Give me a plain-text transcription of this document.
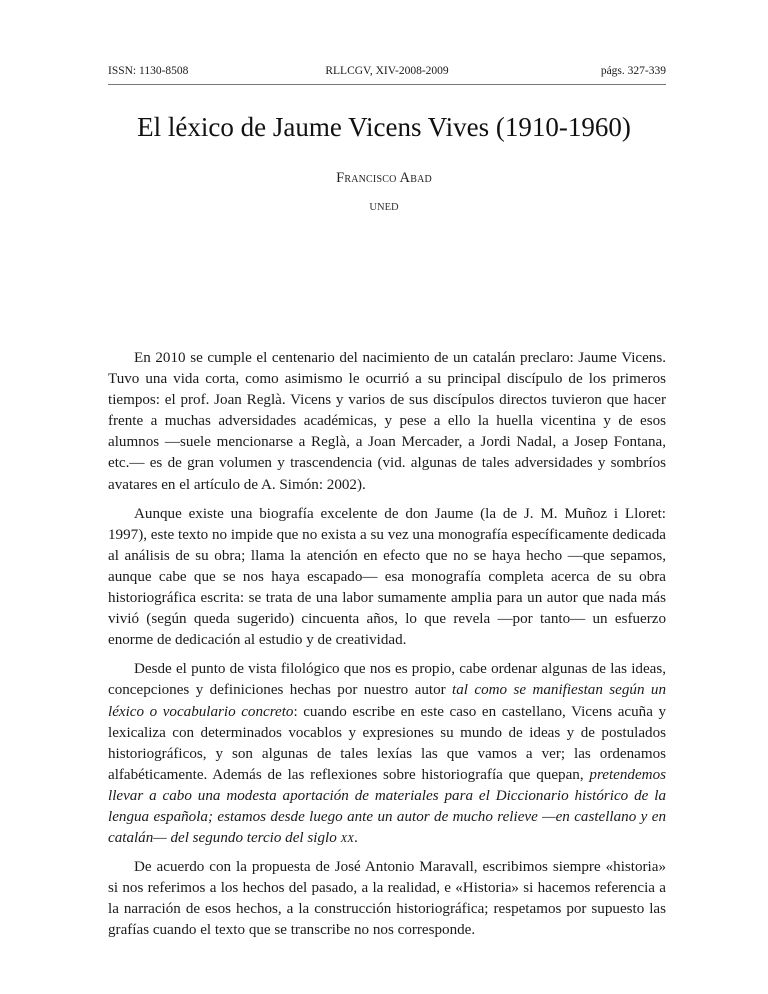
ISSN: 1130-8508	RLLCGV, XIV-2008-2009	págs. 327-339
El léxico de Jaume Vicens Vives (1910-1960)
Francisco Abad
UNED

En 2010 se cumple el centenario del nacimiento de un catalán preclaro: Jaume Vicens. Tuvo una vida corta, como asimismo le ocurrió a su principal discípulo de los primeros tiempos: el prof. Joan Reglà. Vicens y varios de sus discípulos directos tuvieron que hacer frente a muchas adversidades académicas, y pese a ello la huella vicentina y de esos alumnos —suele mencionarse a Reglà, a Joan Mercader, a Jordi Nadal, a Josep Fontana, etc.— es de gran volumen y trascendencia (vid. algunas de tales adversidades y sombríos avatares en el artículo de A. Simón: 2002).

Aunque existe una biografía excelente de don Jaume (la de J. M. Muñoz i Lloret: 1997), este texto no impide que no exista a su vez una monografía específicamente dedicada al análisis de su obra; llama la atención en efecto que no se haya hecho —que sepamos, aunque cabe que se nos haya escapado— esa monografía completa acerca de su obra historiográfica escrita: se trata de una labor sumamente amplia para un autor que nada más vivió (según queda sugerido) cincuenta años, lo que revela —por tanto— un esfuerzo enorme de dedicación al estudio y de creatividad.

Desde el punto de vista filológico que nos es propio, cabe ordenar algunas de las ideas, concepciones y definiciones hechas por nuestro autor tal como se manifiestan según un léxico o vocabulario concreto: cuando escribe en este caso en castellano, Vicens acuña y lexicaliza con determinados vocablos y expresiones su mundo de ideas y de postulados historiográficos, y son algunas de tales lexías las que vamos a ver; las ordenamos alfabéticamente. Además de las reflexiones sobre historiografía que quepan, pretendemos llevar a cabo una modesta aportación de materiales para el Diccionario histórico de la lengua española; estamos desde luego ante un autor de mucho relieve —en castellano y en catalán— del segundo tercio del siglo xx.

De acuerdo con la propuesta de José Antonio Maravall, escribimos siempre «historia» si nos referimos a los hechos del pasado, a la realidad, e «Historia» si hacemos referencia a la narración de esos hechos, a la construcción historiográfica; respetamos por supuesto las grafías cuando el texto que se transcribe no nos corresponde.
